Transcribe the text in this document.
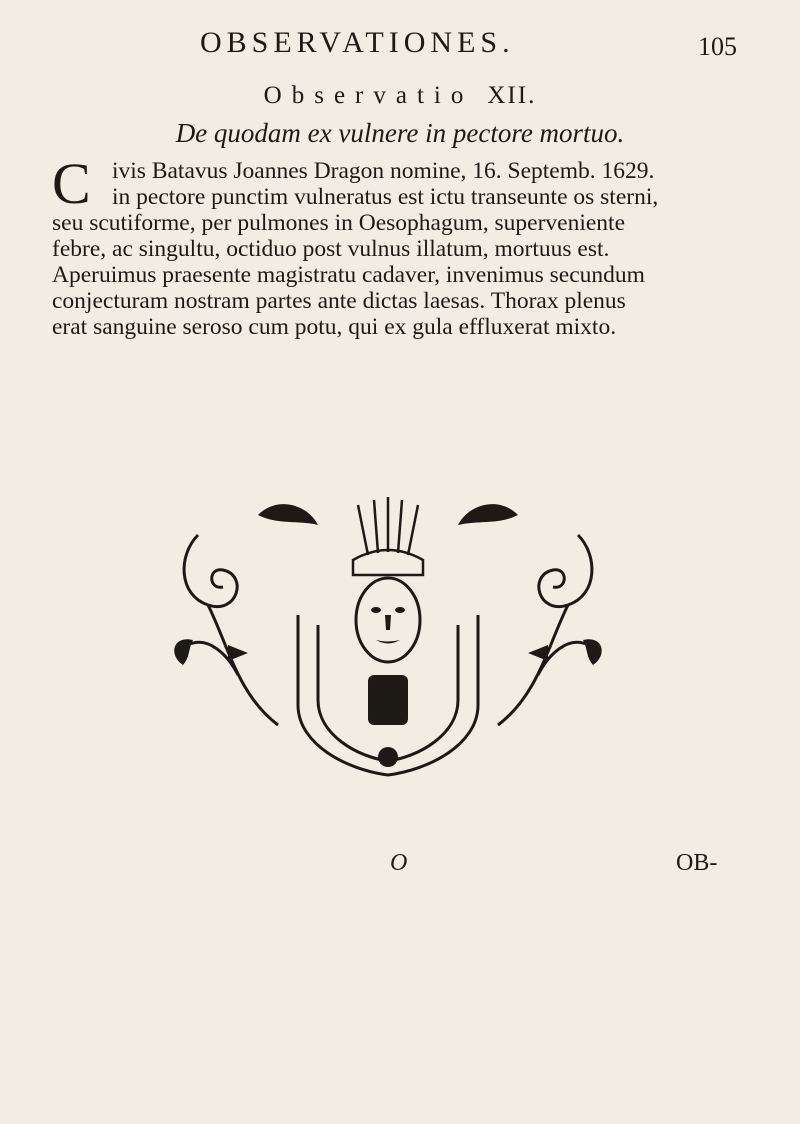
OBSERVATIONES.	105
Observatio XII.
De quodam ex vulnere in pectore mortuo.
C ivis Batavus Joannes Dragon nomine, 16. Septemb. 1629.
in pectore punctim vulneratus est ictu transeunte os sterni,
seu scutiforme, per pulmones in Oesophagum, superveniente
febre, ac singultu, octiduo post vulnus illatum, mortuus est.
Aperuimus praesente magistratu cadaver, invenimus secundum
conjecturam nostram partes ante dictas laesas. Thorax plenus
erat sanguine seroso cum potu, qui ex gula effluxerat mixto.
O	OB-
